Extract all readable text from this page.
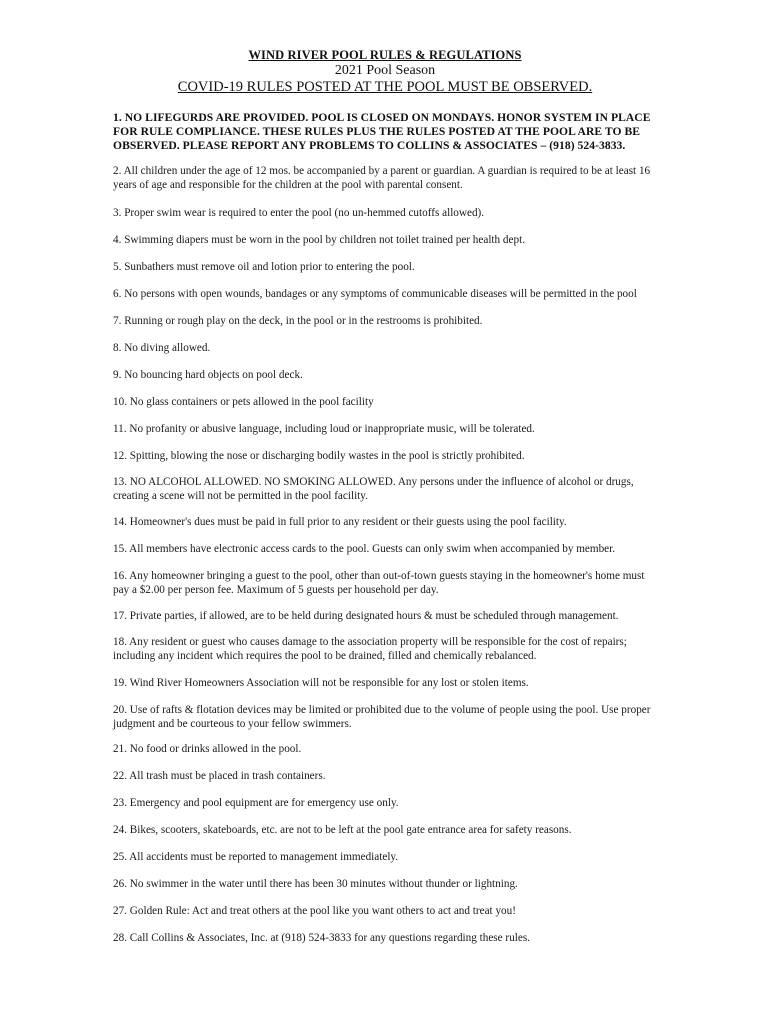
WIND RIVER POOL RULES & REGULATIONS
2021 Pool Season
COVID-19 RULES POSTED AT THE POOL MUST BE OBSERVED.
1. NO LIFEGURDS ARE PROVIDED. POOL IS CLOSED ON MONDAYS. HONOR SYSTEM IN PLACE FOR RULE COMPLIANCE. THESE RULES PLUS THE RULES POSTED AT THE POOL ARE TO BE OBSERVED. PLEASE REPORT ANY PROBLEMS TO COLLINS & ASSOCIATES – (918) 524-3833.
2. All children under the age of 12 mos. be accompanied by a parent or guardian. A guardian is required to be at least 16 years of age and responsible for the children at the pool with parental consent.
3. Proper swim wear is required to enter the pool (no un-hemmed cutoffs allowed).
4. Swimming diapers must be worn in the pool by children not toilet trained per health dept.
5. Sunbathers must remove oil and lotion prior to entering the pool.
6. No persons with open wounds, bandages or any symptoms of communicable diseases will be permitted in the pool
7. Running or rough play on the deck, in the pool or in the restrooms is prohibited.
8. No diving allowed.
9. No bouncing hard objects on pool deck.
10. No glass containers or pets allowed in the pool facility
11. No profanity or abusive language, including loud or inappropriate music, will be tolerated.
12. Spitting, blowing the nose or discharging bodily wastes in the pool is strictly prohibited.
13. NO ALCOHOL ALLOWED. NO SMOKING ALLOWED. Any persons under the influence of alcohol or drugs, creating a scene will not be permitted in the pool facility.
14. Homeowner's dues must be paid in full prior to any resident or their guests using the pool facility.
15. All members have electronic access cards to the pool. Guests can only swim when accompanied by member.
16. Any homeowner bringing a guest to the pool, other than out-of-town guests staying in the homeowner's home must pay a $2.00 per person fee. Maximum of 5 guests per household per day.
17. Private parties, if allowed, are to be held during designated hours & must be scheduled through management.
18. Any resident or guest who causes damage to the association property will be responsible for the cost of repairs; including any incident which requires the pool to be drained, filled and chemically rebalanced.
19. Wind River Homeowners Association will not be responsible for any lost or stolen items.
20. Use of rafts & flotation devices may be limited or prohibited due to the volume of people using the pool. Use proper judgment and be courteous to your fellow swimmers.
21. No food or drinks allowed in the pool.
22. All trash must be placed in trash containers.
23. Emergency and pool equipment are for emergency use only.
24. Bikes, scooters, skateboards, etc. are not to be left at the pool gate entrance area for safety reasons.
25. All accidents must be reported to management immediately.
26. No swimmer in the water until there has been 30 minutes without thunder or lightning.
27. Golden Rule: Act and treat others at the pool like you want others to act and treat you!
28. Call Collins & Associates, Inc. at (918) 524-3833 for any questions regarding these rules.
